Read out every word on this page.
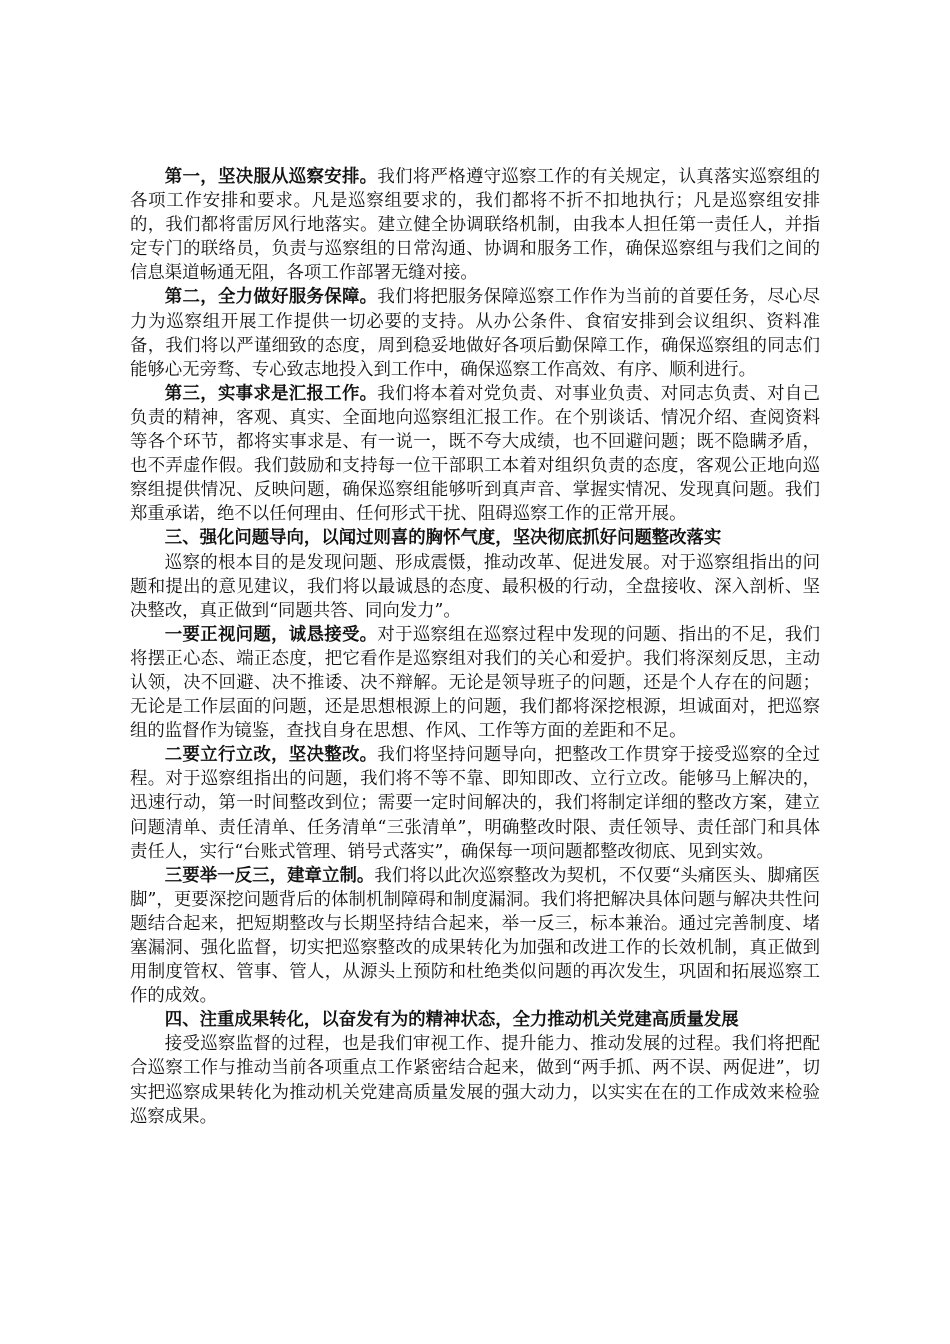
第一，坚决服从巡察安排。我们将严格遵守巡察工作的有关规定，认真落实巡察组的各项工作安排和要求。凡是巡察组要求的，我们都将不折不扣地执行；凡是巡察组安排的，我们都将雷厉风行地落实。建立健全协调联络机制，由我本人担任第一责任人，并指定专门的联络员，负责与巡察组的日常沟通、协调和服务工作，确保巡察组与我们之间的信息渠道畅通无阻，各项工作部署无缝对接。

第二，全力做好服务保障。我们将把服务保障巡察工作作为当前的首要任务，尽心尽力为巡察组开展工作提供一切必要的支持。从办公条件、食宿安排到会议组织、资料准备，我们将以严谨细致的态度，周到稳妥地做好各项后勤保障工作，确保巡察组的同志们能够心无旁骛、专心致志地投入到工作中，确保巡察工作高效、有序、顺利进行。

第三，实事求是汇报工作。我们将本着对党负责、对事业负责、对同志负责、对自己负责的精神，客观、真实、全面地向巡察组汇报工作。在个别谈话、情况介绍、查阅资料等各个环节，都将实事求是、有一说一，既不夸大成绩，也不回避问题；既不隐瞒矛盾，也不弄虚作假。我们鼓励和支持每一位干部职工本着对组织负责的态度，客观公正地向巡察组提供情况、反映问题，确保巡察组能够听到真声音、掌握实情况、发现真问题。我们郑重承诺，绝不以任何理由、任何形式干扰、阻碍巡察工作的正常开展。

三、强化问题导向，以闻过则喜的胸怀气度，坚决彻底抓好问题整改落实

巡察的根本目的是发现问题、形成震慑，推动改革、促进发展。对于巡察组指出的问题和提出的意见建议，我们将以最诚恳的态度、最积极的行动，全盘接收、深入剖析、坚决整改，真正做到“同题共答、同向发力”。

一要正视问题，诚恳接受。对于巡察组在巡察过程中发现的问题、指出的不足，我们将摆正心态、端正态度，把它看作是巡察组对我们的关心和爱护。我们将深刻反思，主动认领，决不回避、决不推诿、决不辩解。无论是领导班子的问题，还是个人存在的问题；无论是工作层面的问题，还是思想根源上的问题，我们都将深挖根源，坦诚面对，把巡察组的监督作为镜鉴，查找自身在思想、作风、工作等方面的差距和不足。

二要立行立改，坚决整改。我们将坚持问题导向，把整改工作贯穿于接受巡察的全过程。对于巡察组指出的问题，我们将不等不靠、即知即改、立行立改。能够马上解决的，迅速行动，第一时间整改到位；需要一定时间解决的，我们将制定详细的整改方案，建立问题清单、责任清单、任务清单“三张清单”，明确整改时限、责任领导、责任部门和具体责任人，实行“台账式管理、销号式落实”，确保每一项问题都整改彻底、见到实效。

三要举一反三，建章立制。我们将以此次巡察整改为契机，不仅要“头痛医头、脚痛医脚”，更要深挖问题背后的体制机制障碍和制度漏洞。我们将把解决具体问题与解决共性问题结合起来，把短期整改与长期坚持结合起来，举一反三，标本兼治。通过完善制度、堵塞漏洞、强化监督，切实把巡察整改的成果转化为加强和改进工作的长效机制，真正做到用制度管权、管事、管人，从源头上预防和杜绝类似问题的再次发生，巩固和拓展巡察工作的成效。

四、注重成果转化，以奋发有为的精神状态，全力推动机关党建高质量发展

接受巡察监督的过程，也是我们审视工作、提升能力、推动发展的过程。我们将把配合巡察工作与推动当前各项重点工作紧密结合起来，做到“两手抓、两不误、两促进”，切实把巡察成果转化为推动机关党建高质量发展的强大动力，以实实在在的工作成效来检验巡察成果。
